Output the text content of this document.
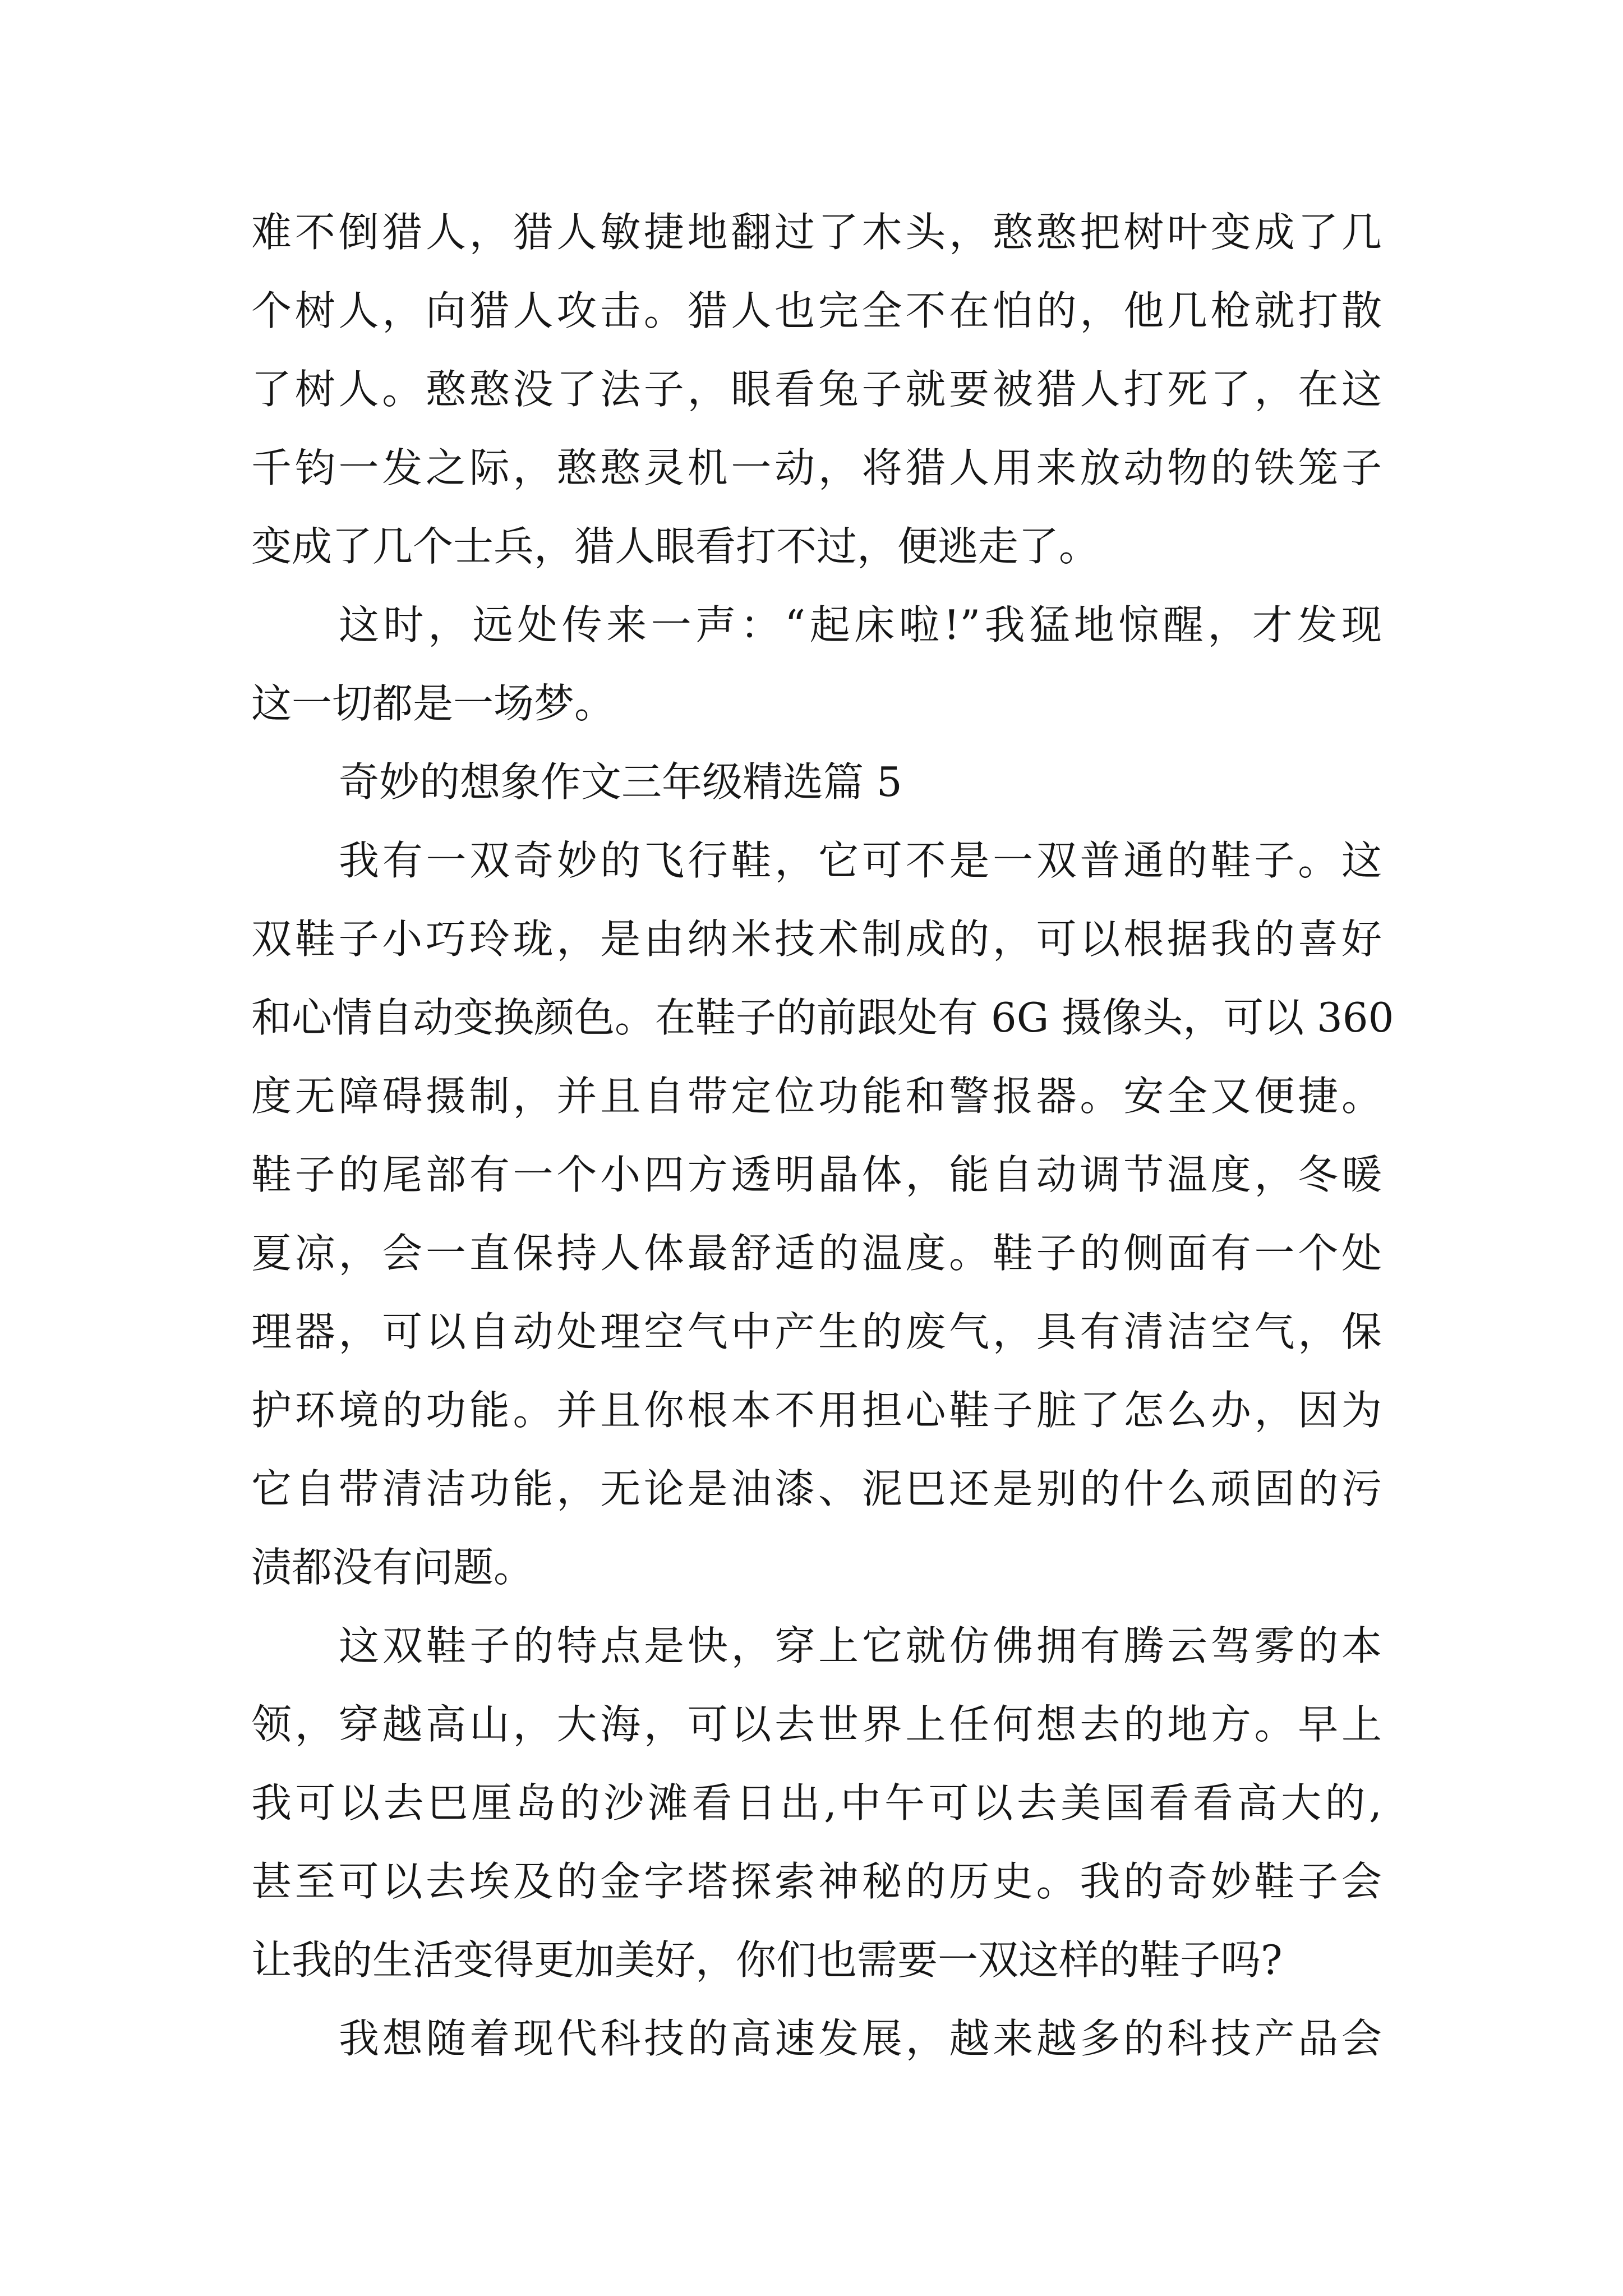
难不倒猎人，猎人敏捷地翻过了木头，憨憨把树叶变成了几
个树人，向猎人攻击。猎人也完全不在怕的，他几枪就打散
了树人。憨憨没了法子，眼看兔子就要被猎人打死了，在这
千钧一发之际，憨憨灵机一动，将猎人用来放动物的铁笼子
变成了几个士兵，猎人眼看打不过，便逃走了。
这时，远处传来一声：“起床啦!”我猛地惊醒，才发现
这一切都是一场梦。
奇妙的想象作文三年级精选篇 5
我有一双奇妙的飞行鞋，它可不是一双普通的鞋子。这
双鞋子小巧玲珑，是由纳米技术制成的，可以根据我的喜好
和心情自动变换颜色。在鞋子的前跟处有 6G 摄像头，可以 360
度无障碍摄制，并且自带定位功能和警报器。安全又便捷。
鞋子的尾部有一个小四方透明晶体，能自动调节温度，冬暖
夏凉，会一直保持人体最舒适的温度。鞋子的侧面有一个处
理器，可以自动处理空气中产生的废气，具有清洁空气，保
护环境的功能。并且你根本不用担心鞋子脏了怎么办，因为
它自带清洁功能，无论是油漆、泥巴还是别的什么顽固的污
渍都没有问题。
这双鞋子的特点是快，穿上它就仿佛拥有腾云驾雾的本
领，穿越高山，大海，可以去世界上任何想去的地方。早上
我可以去巴厘岛的沙滩看日出,中午可以去美国看看高大的,
甚至可以去埃及的金字塔探索神秘的历史。我的奇妙鞋子会
让我的生活变得更加美好，你们也需要一双这样的鞋子吗?
我想随着现代科技的高速发展，越来越多的科技产品会
